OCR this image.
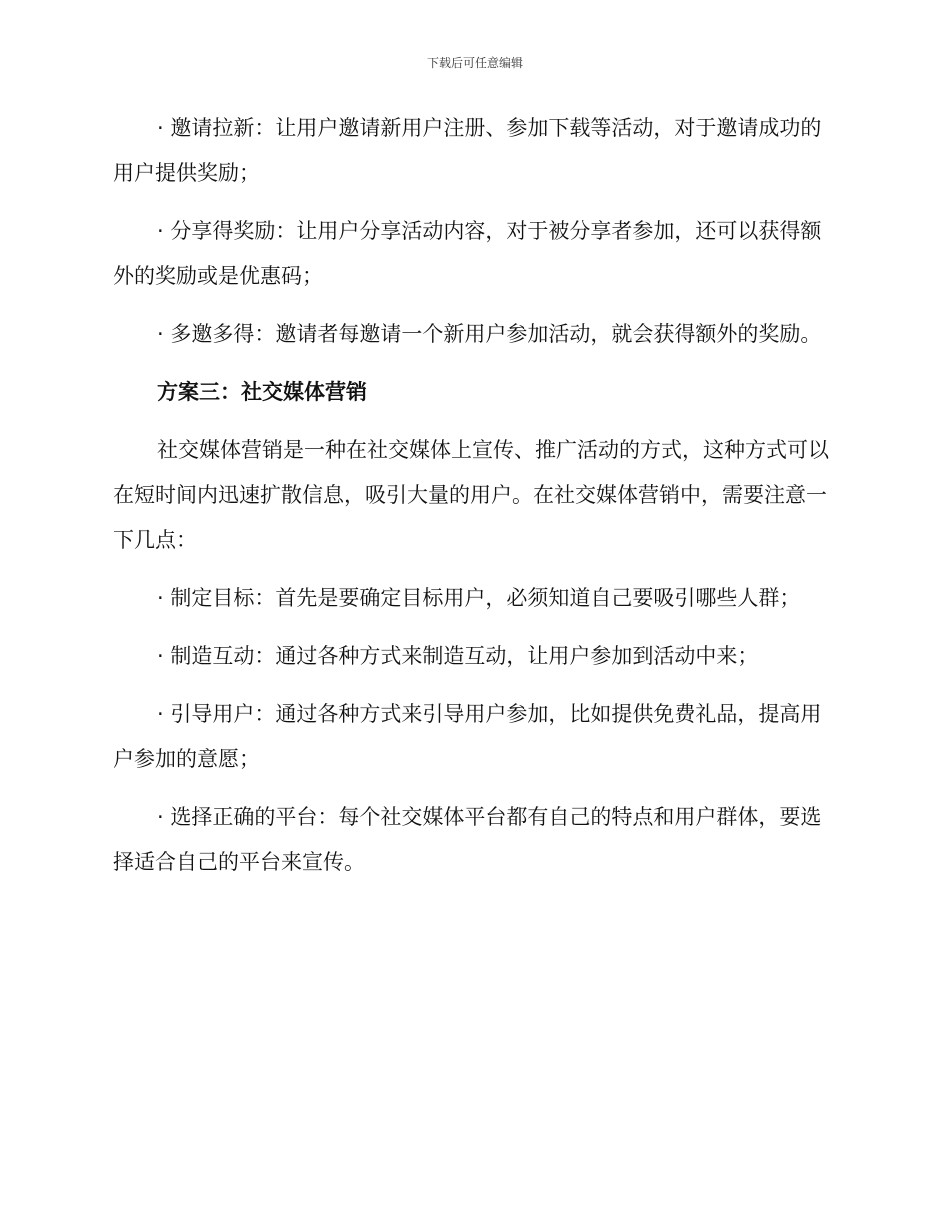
下载后可任意编辑

· 邀请拉新：让用户邀请新用户注册、参加下载等活动，对于邀请成功的用户提供奖励；

· 分享得奖励：让用户分享活动内容，对于被分享者参加，还可以获得额外的奖励或是优惠码；

· 多邀多得：邀请者每邀请一个新用户参加活动，就会获得额外的奖励。

方案三：社交媒体营销

社交媒体营销是一种在社交媒体上宣传、推广活动的方式，这种方式可以在短时间内迅速扩散信息，吸引大量的用户。在社交媒体营销中，需要注意一下几点：

· 制定目标：首先是要确定目标用户，必须知道自己要吸引哪些人群；

· 制造互动：通过各种方式来制造互动，让用户参加到活动中来；

· 引导用户：通过各种方式来引导用户参加，比如提供免费礼品，提高用户参加的意愿；

· 选择正确的平台：每个社交媒体平台都有自己的特点和用户群体，要选择适合自己的平台来宣传。
